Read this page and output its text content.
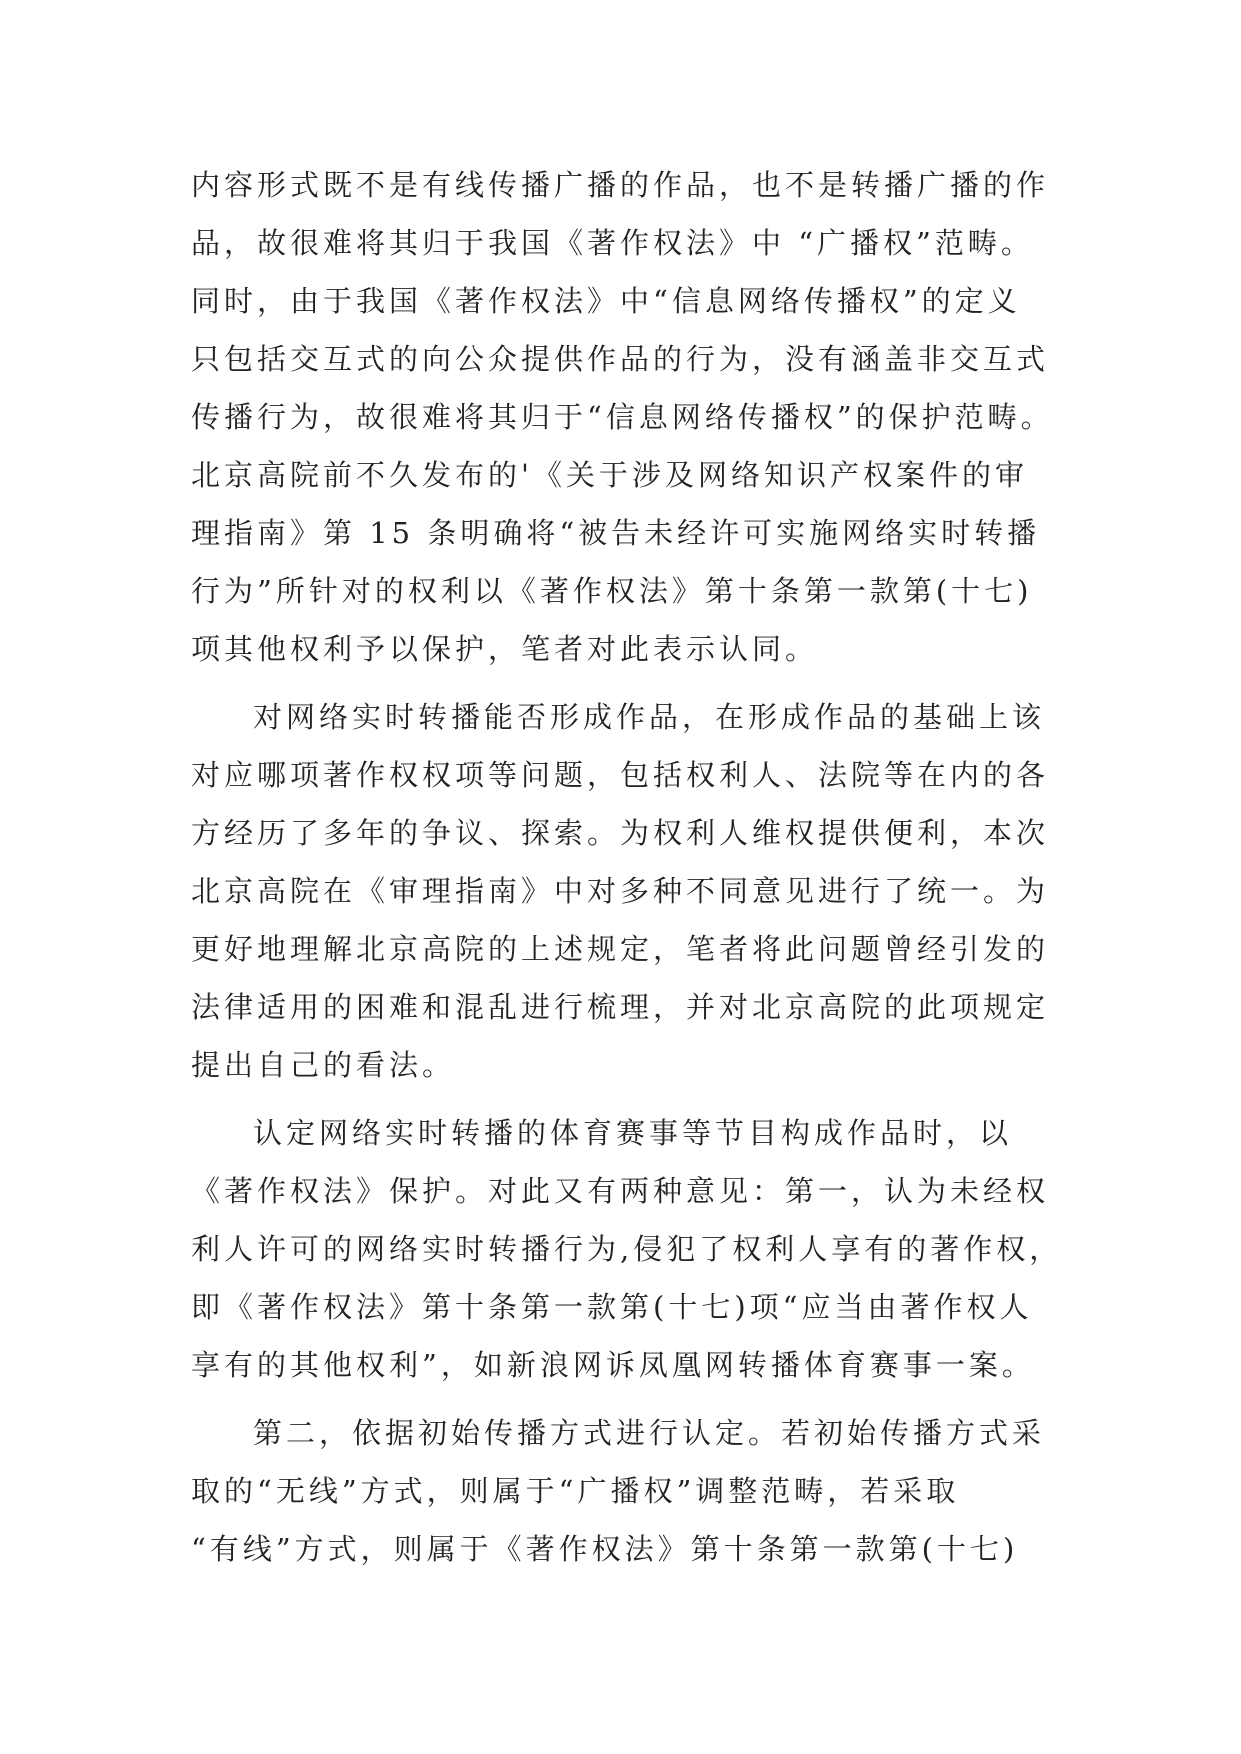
内容形式既不是有线传播广播的作品，也不是转播广播的作
品，故很难将其归于我国《著作权法》中 “广播权”范畴。
同时，由于我国《著作权法》中“信息网络传播权”的定义
只包括交互式的向公众提供作品的行为，没有涵盖非交互式
传播行为，故很难将其归于“信息网络传播权”的保护范畴。
北京高院前不久发布的'《关于涉及网络知识产权案件的审
理指南》第 15 条明确将“被告未经许可实施网络实时转播
行为”所针对的权利以《著作权法》第十条第一款第(十七)
项其他权利予以保护，笔者对此表示认同。
对网络实时转播能否形成作品，在形成作品的基础上该
对应哪项著作权权项等问题，包括权利人、法院等在内的各
方经历了多年的争议、探索。为权利人维权提供便利，本次
北京高院在《审理指南》中对多种不同意见进行了统一。为
更好地理解北京高院的上述规定，笔者将此问题曾经引发的
法律适用的困难和混乱进行梳理，并对北京高院的此项规定
提出自己的看法。
认定网络实时转播的体育赛事等节目构成作品时，以
《著作权法》保护。对此又有两种意见：第一，认为未经权
利人许可的网络实时转播行为,侵犯了权利人享有的著作权，
即《著作权法》第十条第一款第(十七)项“应当由著作权人
享有的其他权利”，如新浪网诉凤凰网转播体育赛事一案。
第二，依据初始传播方式进行认定。若初始传播方式采
取的“无线”方式，则属于“广播权”调整范畴，若采取
“有线”方式，则属于《著作权法》第十条第一款第(十七)
